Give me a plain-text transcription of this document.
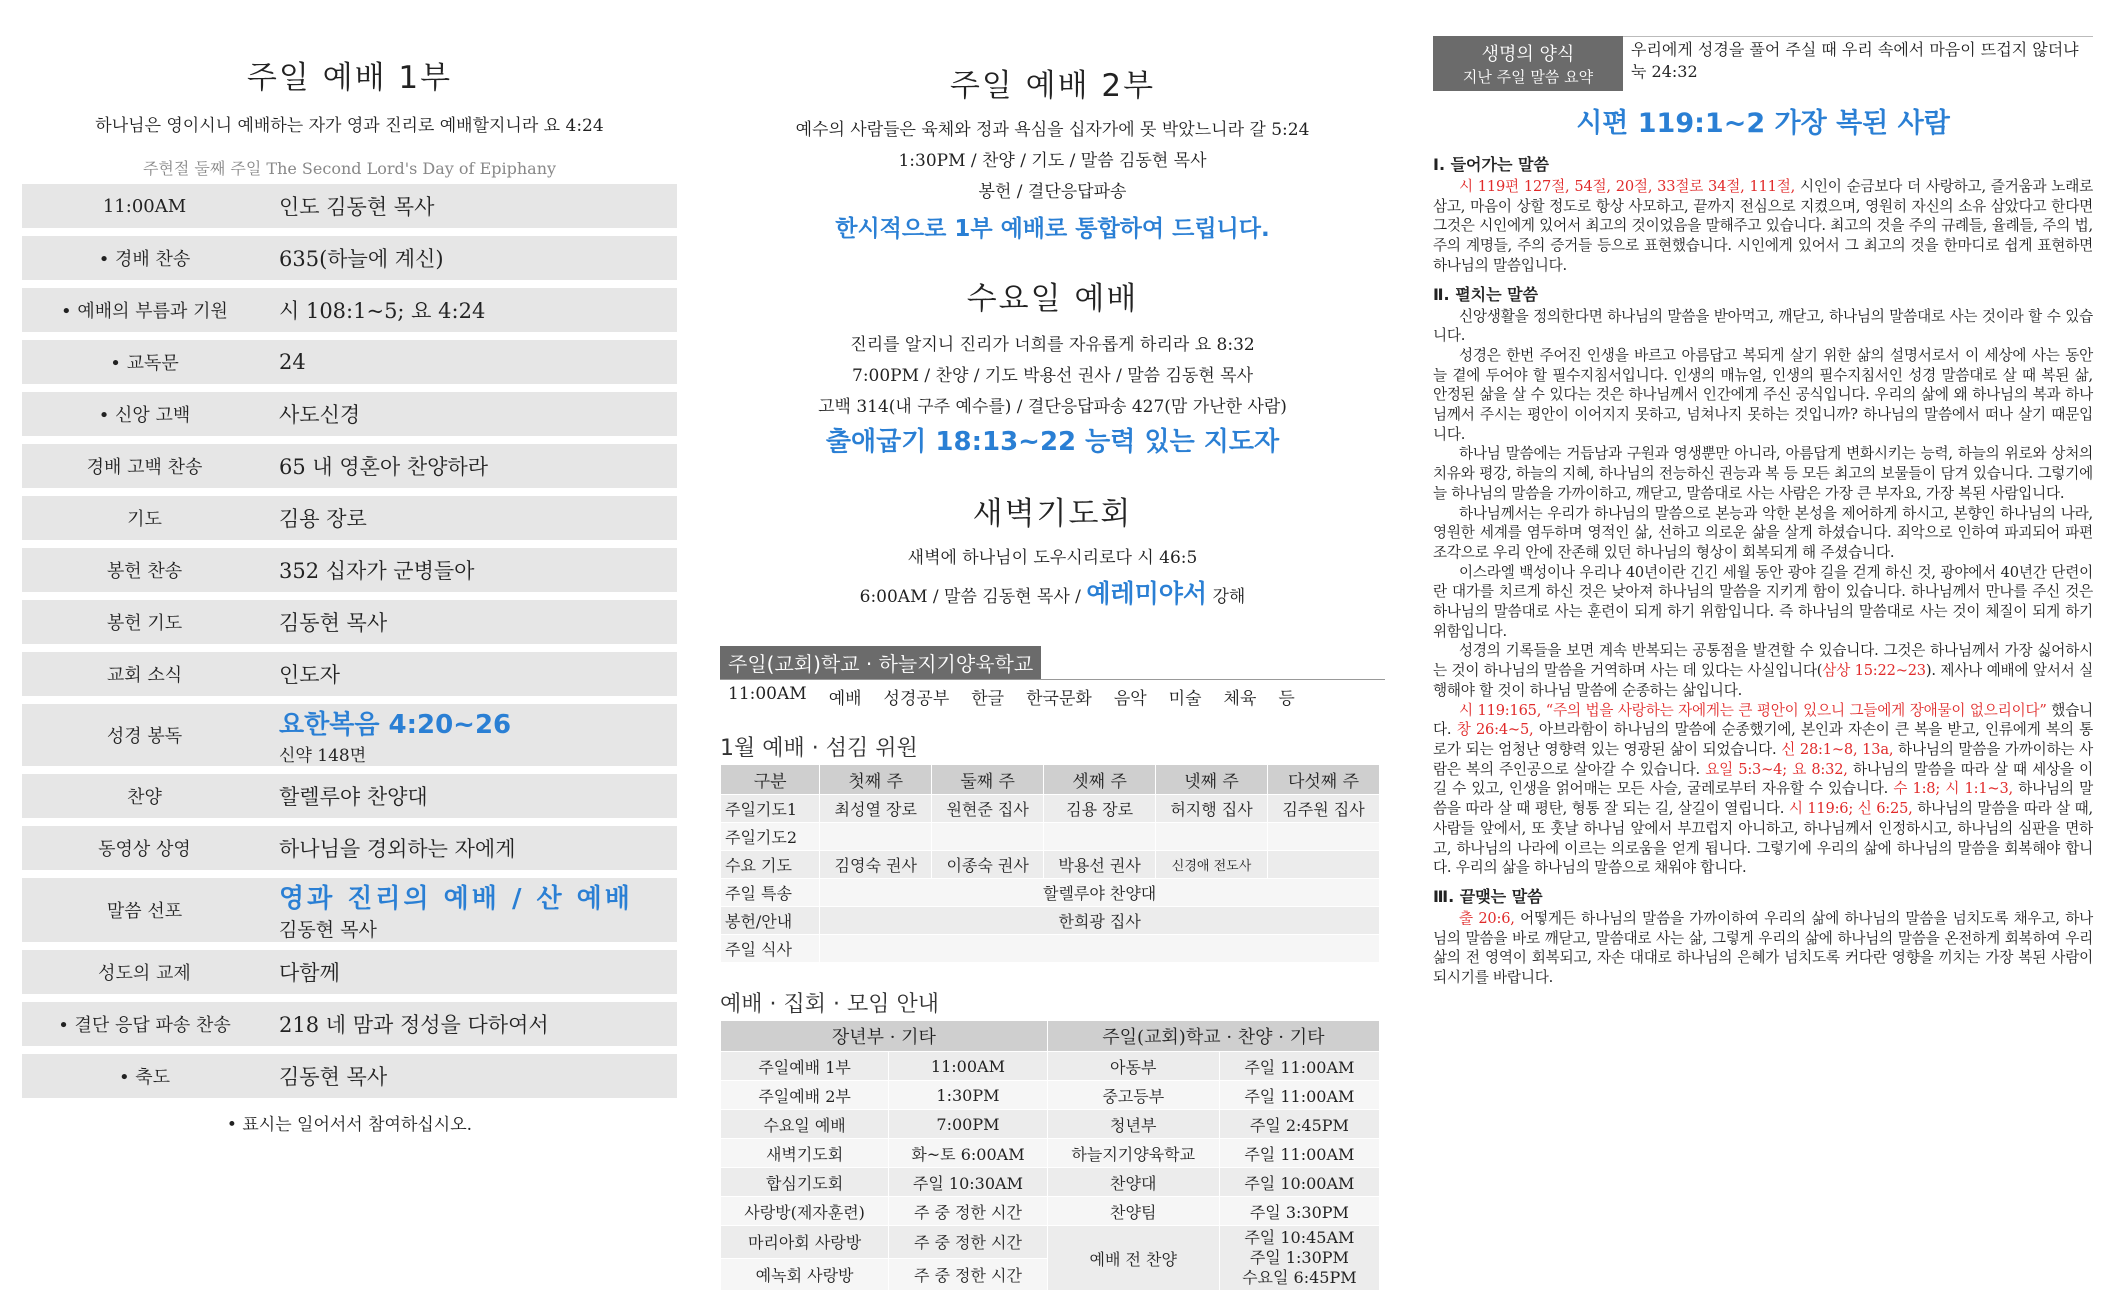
주일 예배 1부
하나님은 영이시니 예배하는 자가 영과 진리로 예배할지니라 요 4:24
주현절 둘째 주일 The Second Lord's Day of Epiphany
11:00AM	인도 김동현 목사
• 경배 찬송	635(하늘에 계신)
• 예배의 부름과 기원	시 108:1~5; 요 4:24
• 교독문	24
• 신앙 고백	사도신경
경배 고백 찬송	65 내 영혼아 찬양하라
기도	김용 장로
봉헌 찬송	352 십자가 군병들아
봉헌 기도	김동현 목사
교회 소식	인도자
성경 봉독	요한복음 4:20~26
신약 148면
찬양	할렐루야 찬양대
동영상 상영	하나님을 경외하는 자에게
말씀 선포	영과 진리의 예배 / 산 예배
김동현 목사
성도의 교제	다함께
• 결단 응답 파송 찬송	218 네 맘과 정성을 다하여서
• 축도	김동현 목사
• 표시는 일어서서 참여하십시오.
주일 예배 2부
예수의 사람들은 육체와 정과 욕심을 십자가에 못 박았느니라 갈 5:24
1:30PM / 찬양 / 기도 / 말씀 김동현 목사
봉헌 / 결단응답파송
한시적으로 1부 예배로 통합하여 드립니다.
수요일 예배
진리를 알지니 진리가 너희를 자유롭게 하리라 요 8:32
7:00PM / 찬양 / 기도 박용선 권사 / 말씀 김동현 목사
고백 314(내 구주 예수를) / 결단응답파송 427(맘 가난한 사람)
출애굽기 18:13~22 능력 있는 지도자
새벽기도회
새벽에 하나님이 도우시리로다 시 46:5
6:00AM / 말씀 김동현 목사 / 예레미야서 강해
주일(교회)학교 · 하늘지기양육학교
11:00AM 예배 성경공부 한글 한국문화 음악 미술 체육 등
1월 예배 · 섬김 위원
구분	첫째 주	둘째 주	셋째 주	넷째 주	다섯째 주
주일기도1	최성열 장로	원현준 집사	김용 장로	허지행 집사	김주원 집사
주일기도2					
수요 기도	김영숙 권사	이종숙 권사	박용선 권사	신경애 전도사	
주일 특송	할렐루야 찬양대				
봉헌/안내	한희광 집사				
주일 식사					
예배 · 집회 · 모임 안내
장년부 · 기타		주일(교회)학교 · 찬양 · 기타	
주일예배 1부	11:00AM	아동부	주일 11:00AM
주일예배 2부	1:30PM	중고등부	주일 11:00AM
수요일 예배	7:00PM	청년부	주일 2:45PM
새벽기도회	화~토 6:00AM	하늘지기양육학교	주일 11:00AM
합심기도회	주일 10:30AM	찬양대	주일 10:00AM
사랑방(제자훈련)	주 중 정한 시간	찬양팀	주일 3:30PM
마리아회 사랑방	주 중 정한 시간	예배 전 찬양	주일 10:45AM
주일 1:30PM
수요일 6:45PM

예녹회 사랑방	주 중 정한 시간		
생명의 양식
지난 주일 말씀 요약
우리에게 성경을 풀어 주실 때 우리 속에서 마음이 뜨겁지 않더냐 눅 24:32
시편 119:1~2 가장 복된 사람
Ⅰ. 들어가는 말씀

시 119편 127절, 54절, 20절, 33절로 34절, 111절, 시인이 순금보다 더 사랑하고, 즐거움과 노래로 삼고, 마음이 상할 정도로 항상 사모하고, 끝까지 전심으로 지켰으며, 영원히 자신의 소유 삼았다고 한다면 그것은 시인에게 있어서 최고의 것이었음을 말해주고 있습니다. 최고의 것을 주의 규례들, 율례들, 주의 법, 주의 계명들, 주의 증거들 등으로 표현했습니다. 시인에게 있어서 그 최고의 것을 한마디로 쉽게 표현하면 하나님의 말씀입니다.

Ⅱ. 펼치는 말씀

신앙생활을 정의한다면 하나님의 말씀을 받아먹고, 깨닫고, 하나님의 말씀대로 사는 것이라 할 수 있습니다.

성경은 한번 주어진 인생을 바르고 아름답고 복되게 살기 위한 삶의 설명서로서 이 세상에 사는 동안 늘 곁에 두어야 할 필수지침서입니다. 인생의 매뉴얼, 인생의 필수지침서인 성경 말씀대로 살 때 복된 삶, 안정된 삶을 살 수 있다는 것은 하나님께서 인간에게 주신 공식입니다. 우리의 삶에 왜 하나님의 복과 하나님께서 주시는 평안이 이어지지 못하고, 넘쳐나지 못하는 것입니까? 하나님의 말씀에서 떠나 살기 때문입니다.

하나님 말씀에는 거듭남과 구원과 영생뿐만 아니라, 아름답게 변화시키는 능력, 하늘의 위로와 상처의 치유와 평강, 하늘의 지혜, 하나님의 전능하신 권능과 복 등 모든 최고의 보물들이 담겨 있습니다. 그렇기에 늘 하나님의 말씀을 가까이하고, 깨닫고, 말씀대로 사는 사람은 가장 큰 부자요, 가장 복된 사람입니다.

하나님께서는 우리가 하나님의 말씀으로 본능과 악한 본성을 제어하게 하시고, 본향인 하나님의 나라, 영원한 세계를 염두하며 영적인 삶, 선하고 의로운 삶을 살게 하셨습니다. 죄악으로 인하여 파괴되어 파편 조각으로 우리 안에 잔존해 있던 하나님의 형상이 회복되게 해 주셨습니다.

이스라엘 백성이나 우리나 40년이란 긴긴 세월 동안 광야 길을 걷게 하신 것, 광야에서 40년간 단련이란 대가를 치르게 하신 것은 낮아져 하나님의 말씀을 지키게 함이 있습니다. 하나님께서 만나를 주신 것은 하나님의 말씀대로 사는 훈련이 되게 하기 위함입니다. 즉 하나님의 말씀대로 사는 것이 체질이 되게 하기 위함입니다.

성경의 기록들을 보면 계속 반복되는 공통점을 발견할 수 있습니다. 그것은 하나님께서 가장 싫어하시는 것이 하나님의 말씀을 거역하며 사는 데 있다는 사실입니다(삼상 15:22~23). 제사나 예배에 앞서서 실행해야 할 것이 하나님 말씀에 순종하는 삶입니다.

시 119:165, “주의 법을 사랑하는 자에게는 큰 평안이 있으니 그들에게 장애물이 없으리이다” 했습니다. 창 26:4~5, 아브라함이 하나님의 말씀에 순종했기에, 본인과 자손이 큰 복을 받고, 인류에게 복의 통로가 되는 엄청난 영향력 있는 영광된 삶이 되었습니다. 신 28:1~8, 13a, 하나님의 말씀을 가까이하는 사람은 복의 주인공으로 살아갈 수 있습니다. 요일 5:3~4; 요 8:32, 하나님의 말씀을 따라 살 때 세상을 이길 수 있고, 인생을 얽어매는 모든 사슬, 굴레로부터 자유할 수 있습니다. 수 1:8; 시 1:1~3, 하나님의 말씀을 따라 살 때 평탄, 형통 잘 되는 길, 살길이 열립니다. 시 119:6; 신 6:25, 하나님의 말씀을 따라 살 때, 사람들 앞에서, 또 훗날 하나님 앞에서 부끄럽지 아니하고, 하나님께서 인정하시고, 하나님의 심판을 면하고, 하나님의 나라에 이르는 의로움을 얻게 됩니다. 그렇기에 우리의 삶에 하나님의 말씀을 회복해야 합니다. 우리의 삶을 하나님의 말씀으로 채워야 합니다.

Ⅲ. 끝맺는 말씀

출 20:6, 어떻게든 하나님의 말씀을 가까이하여 우리의 삶에 하나님의 말씀을 넘치도록 채우고, 하나님의 말씀을 바로 깨닫고, 말씀대로 사는 삶, 그렇게 우리의 삶에 하나님의 말씀을 온전하게 회복하여 우리 삶의 전 영역이 회복되고, 자손 대대로 하나님의 은혜가 넘치도록 커다란 영향을 끼치는 가장 복된 사람이 되시기를 바랍니다.
